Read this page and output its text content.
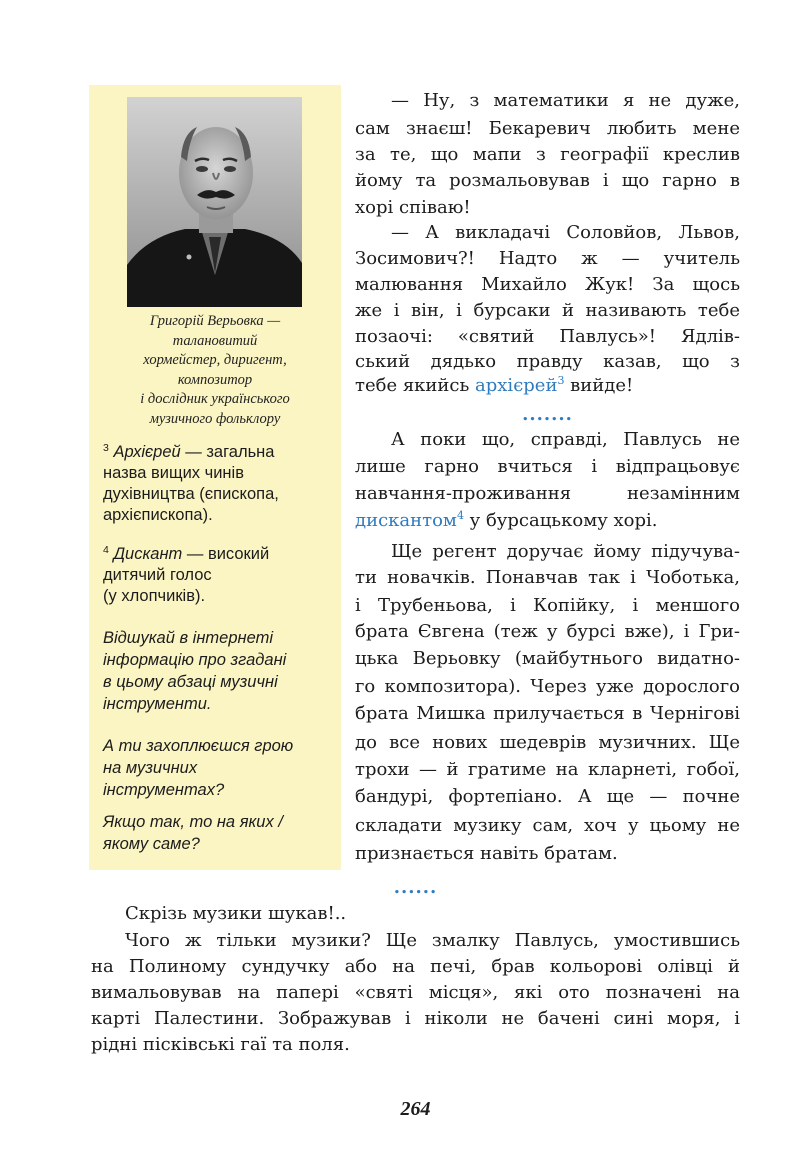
Григорій Верьовка —
талановитий
хормейстер, диригент,
композитор
і дослідник українського
музичного фольклору
$^3$ Архієрей — загальна
назва вищих чинів
духівництва (єпископа,
архієпископа).
$^4$ Дискант — високий
дитячий голос
(у хлопчиків).
Відшукай в інтернеті
інформацію про згадані
в цьому абзаці музичні
інструменти.
А ти захоплюєшся грою
на музичних
інструментах?
Якщо так, то на яких /
якому саме?
— Ну, з математики я не дуже,
сам знаєш! Бекаревич любить мене
за те, що мапи з географії креслив
йому та розмальовував і що гарно в
хорі співаю!
— А викладачі Соловйов, Львов,
Зосимович?! Надто ж — учитель
малювання Михайло Жук! За щось
же і він, і бурсаки й називають тебе
позаочі: «святий Павлусь»! Ядлів-
ський дядько правду казав, що з
тебе якийсь архієрей$^3$ вийде!
.......
А поки що, справді, Павлусь не
лише гарно вчиться і відпрацьовує
навчання-проживання незамінним
дискантом$^4$ у бурсацькому хорі.
Ще регент доручає йому підучува-
ти новачків. Понавчав так і Чоботька,
і Трубеньова, і Копійку, і меншого
брата Євгена (теж у бурсі вже), і Гри-
цька Верьовку (майбутнього видатно-
го композитора). Через уже дорослого
брата Мишка прилучається в Чернігові
до все нових шедеврів музичних. Ще
трохи — й гратиме на кларнеті, гобої,
бандурі, фортепіано. А ще — почне
складати музику сам, хоч у цьому не
признається навіть братам.
......
Скрізь музики шукав!..
Чого ж тільки музики? Ще змалку Павлусь, умостившись
на Полиному сундучку або на печі, брав кольорові олівці й
вимальовував на папері «святі місця», які ото позначені на
карті Палестини. Зображував і ніколи не бачені сині моря, і
рідні пісківські гаї та поля.
264
